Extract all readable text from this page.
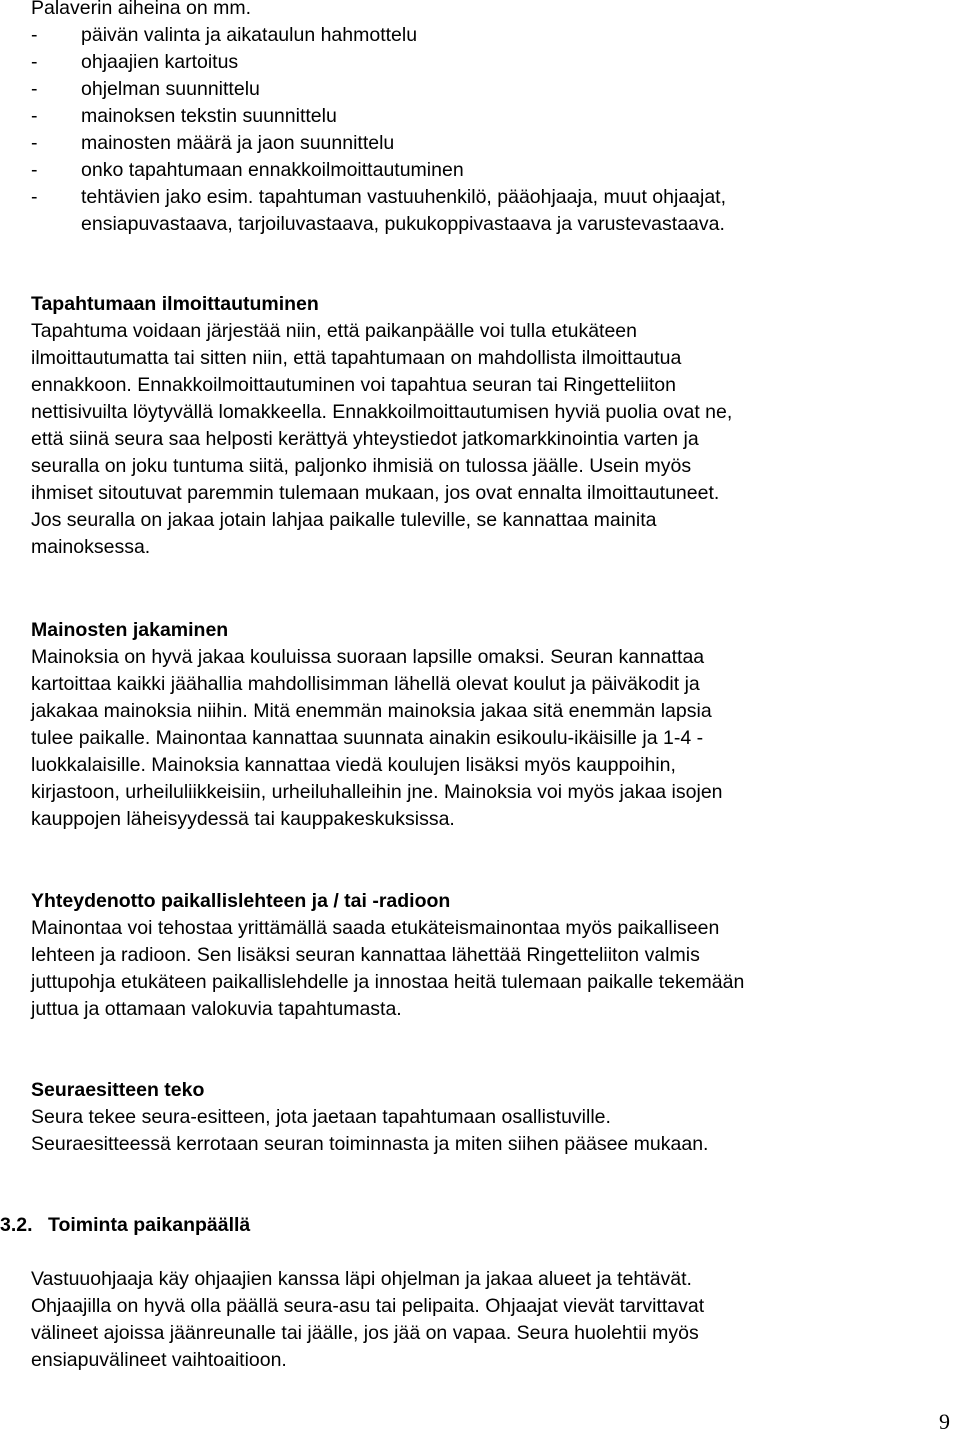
Palaverin aiheina on mm.
- päivän valinta ja aikataulun hahmottelu
- ohjaajien kartoitus
- ohjelman suunnittelu
- mainoksen tekstin suunnittelu
- mainosten määrä ja jaon suunnittelu
- onko tapahtumaan ennakkoilmoittautuminen
- tehtävien jako esim. tapahtuman vastuuhenkilö, pääohjaaja, muut ohjaajat,
ensiapuvastaava, tarjoiluvastaava, pukukoppivastaava ja varustevastaava.
Tapahtumaan ilmoittautuminen
Tapahtuma voidaan järjestää niin, että paikanpäälle voi tulla etukäteen
ilmoittautumatta tai sitten niin, että tapahtumaan on mahdollista ilmoittautua
ennakkoon. Ennakkoilmoittautuminen voi tapahtua seuran tai Ringetteliiton
nettisivuilta löytyvällä lomakkeella. Ennakkoilmoittautumisen hyviä puolia ovat ne,
että siinä seura saa helposti kerättyä yhteystiedot jatkomarkkinointia varten ja
seuralla on joku tuntuma siitä, paljonko ihmisiä on tulossa jäälle. Usein myös
ihmiset sitoutuvat paremmin tulemaan mukaan, jos ovat ennalta ilmoittautuneet.
Jos seuralla on jakaa jotain lahjaa paikalle tuleville, se kannattaa mainita
mainoksessa.
Mainosten jakaminen
Mainoksia on hyvä jakaa kouluissa suoraan lapsille omaksi. Seuran kannattaa
kartoittaa kaikki jäähallia mahdollisimman lähellä olevat koulut ja päiväkodit ja
jakakaa mainoksia niihin. Mitä enemmän mainoksia jakaa sitä enemmän lapsia
tulee paikalle. Mainontaa kannattaa suunnata ainakin esikoulu-ikäisille ja 1-4 -
luokkalaisille. Mainoksia kannattaa viedä koulujen lisäksi myös kauppoihin,
kirjastoon, urheiluliikkeisiin, urheiluhalleihin jne. Mainoksia voi myös jakaa isojen
kauppojen läheisyydessä tai kauppakeskuksissa.
Yhteydenotto paikallislehteen ja / tai -radioon
Mainontaa voi tehostaa yrittämällä saada etukäteismainontaa myös paikalliseen
lehteen ja radioon. Sen lisäksi seuran kannattaa lähettää Ringetteliiton valmis
juttupohja etukäteen paikallislehdelle ja innostaa heitä tulemaan paikalle tekemään
juttua ja ottamaan valokuvia tapahtumasta.
Seuraesitteen teko
Seura tekee seura-esitteen, jota jaetaan tapahtumaan osallistuville.
Seuraesitteessä kerrotaan seuran toiminnasta ja miten siihen pääsee mukaan.
3.2. Toiminta paikanpäällä
Vastuuohjaaja käy ohjaajien kanssa läpi ohjelman ja jakaa alueet ja tehtävät.
Ohjaajilla on hyvä olla päällä seura-asu tai pelipaita. Ohjaajat vievät tarvittavat
välineet ajoissa jäänreunalle tai jäälle, jos jää on vapaa. Seura huolehtii myös
ensiapuvälineet vaihtoaitioon.
9
